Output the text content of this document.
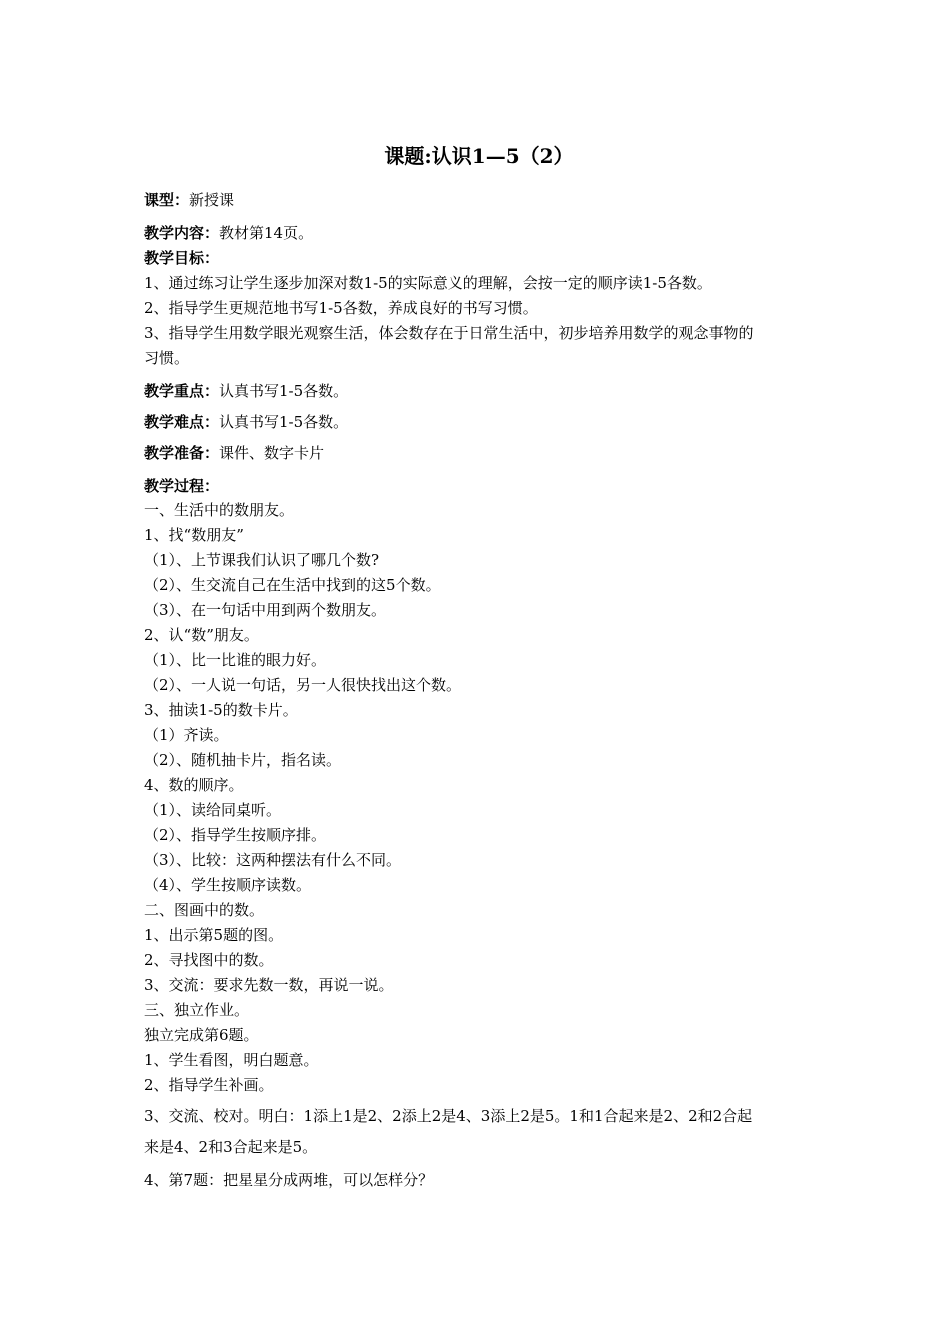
课题:认识1—5（2）
课型：新授课
教学内容：教材第14页。
教学目标：
1、通过练习让学生逐步加深对数1-5的实际意义的理解，会按一定的顺序读1-5各数。
2、指导学生更规范地书写1-5各数，养成良好的书写习惯。
3、指导学生用数学眼光观察生活，体会数存在于日常生活中，初步培养用数学的观念事物的
习惯。
教学重点：认真书写1-5各数。
教学难点：认真书写1-5各数。
教学准备：课件、数字卡片
教学过程：
一、生活中的数朋友。
1、找“数朋友”
（1）、上节课我们认识了哪几个数?
（2）、生交流自己在生活中找到的这5个数。
（3）、在一句话中用到两个数朋友。
2、认“数”朋友。
（1）、比一比谁的眼力好。
（2）、一人说一句话，另一人很快找出这个数。
3、抽读1-5的数卡片。
（1）齐读。
（2）、随机抽卡片，指名读。
4、数的顺序。
（1）、读给同桌听。
（2）、指导学生按顺序排。
（3）、比较：这两种摆法有什么不同。
（4）、学生按顺序读数。
二、图画中的数。
1、出示第5题的图。
2、寻找图中的数。
3、交流：要求先数一数，再说一说。
三、独立作业。
独立完成第6题。
1、学生看图，明白题意。
2、指导学生补画。
3、交流、校对。明白：1添上1是2、2添上2是4、3添上2是5。1和1合起来是2、2和2合起
来是4、2和3合起来是5。
4、第7题：把星星分成两堆，可以怎样分？
